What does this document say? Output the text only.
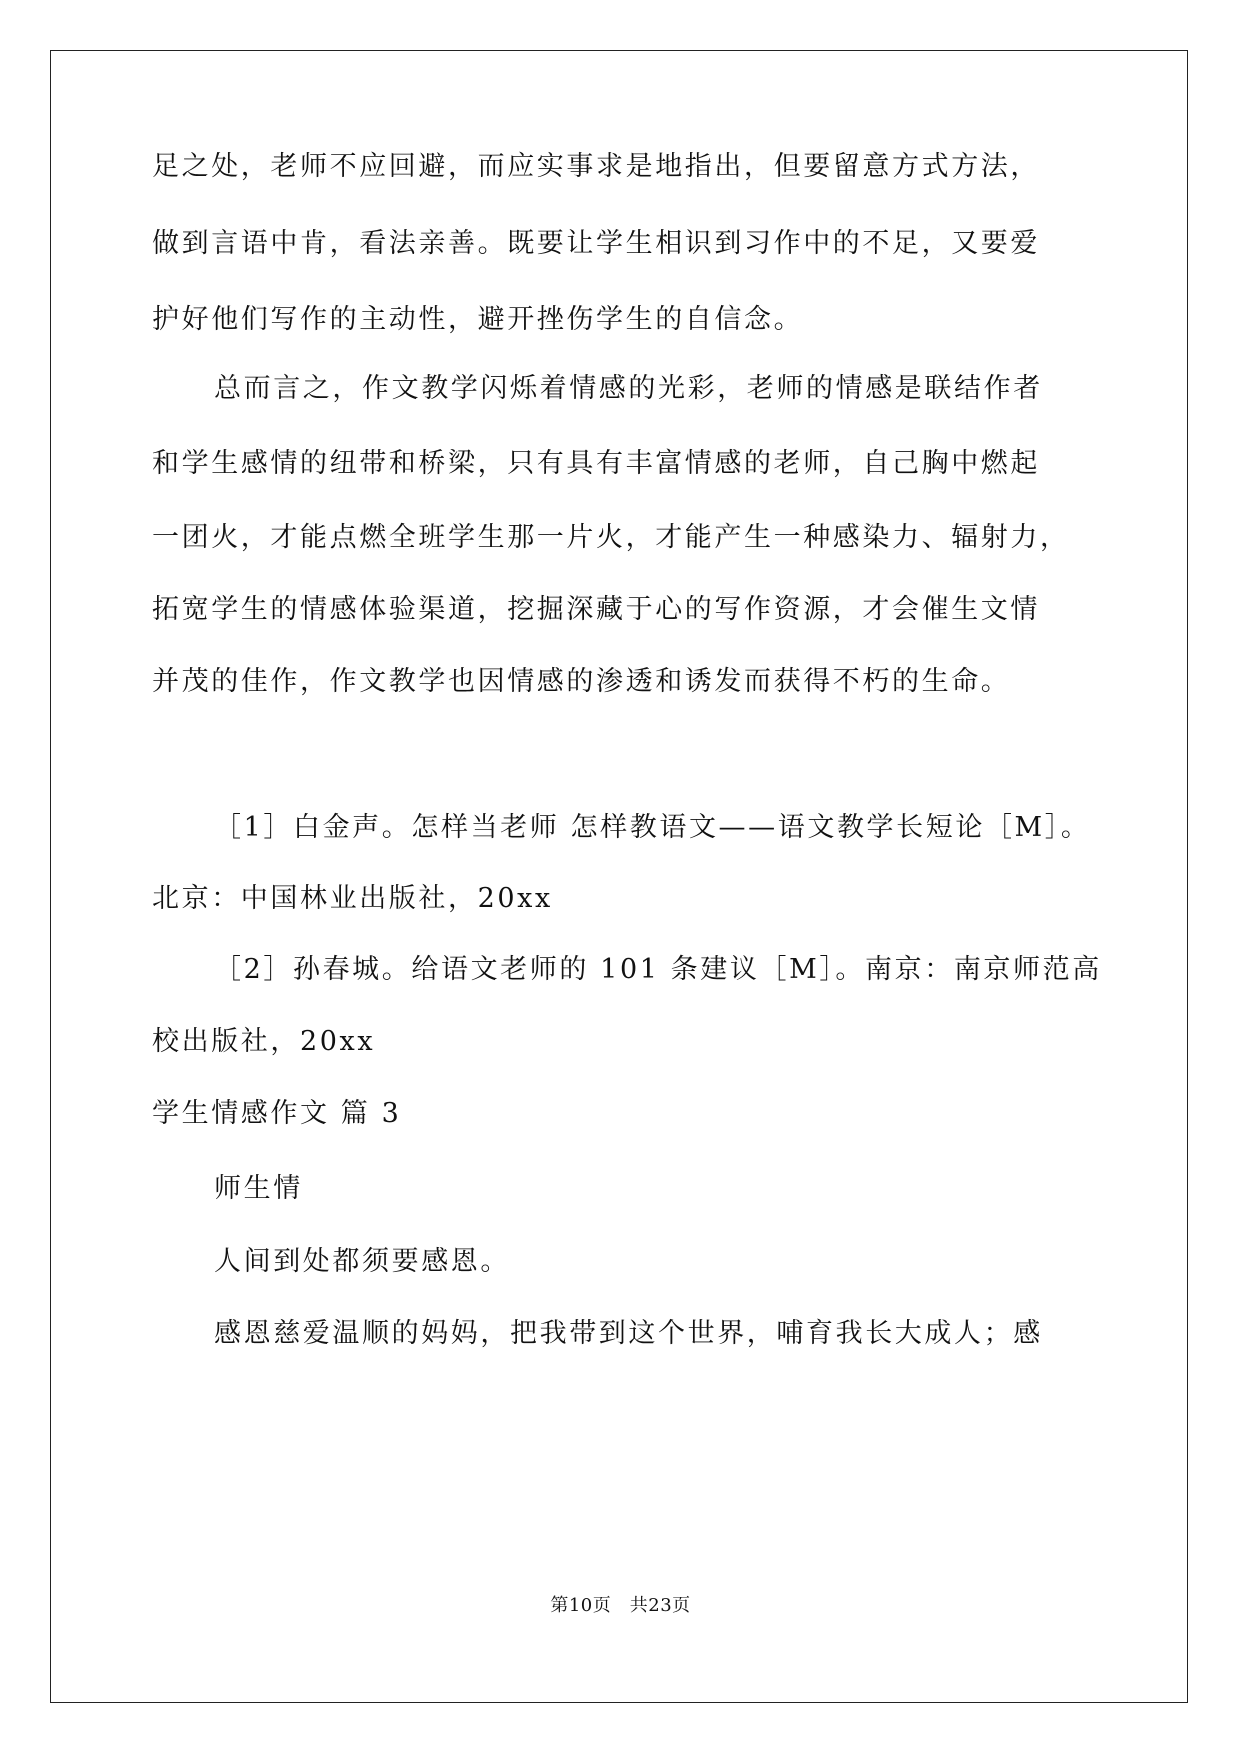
足之处，老师不应回避，而应实事求是地指出，但要留意方式方法，
做到言语中肯，看法亲善。既要让学生相识到习作中的不足，又要爱
护好他们写作的主动性，避开挫伤学生的自信念。
总而言之，作文教学闪烁着情感的光彩，老师的情感是联结作者
和学生感情的纽带和桥梁，只有具有丰富情感的老师，自己胸中燃起
一团火，才能点燃全班学生那一片火，才能产生一种感染力、辐射力，
拓宽学生的情感体验渠道，挖掘深藏于心的写作资源，才会催生文情
并茂的佳作，作文教学也因情感的渗透和诱发而获得不朽的生命。
［1］白金声。怎样当老师 怎样教语文——语文教学长短论［M］。
北京：中国林业出版社，20xx
［2］孙春城。给语文老师的 101 条建议［M］。南京：南京师范高
校出版社，20xx
学生情感作文 篇 3
师生情
人间到处都须要感恩。
感恩慈爱温顺的妈妈，把我带到这个世界，哺育我长大成人；感
第10页　共23页
